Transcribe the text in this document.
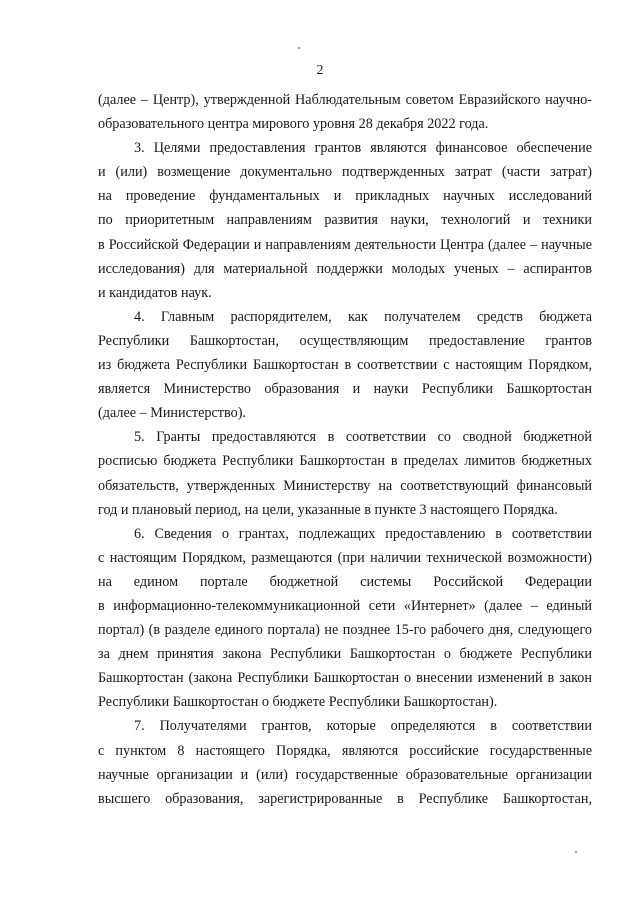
2
(далее – Центр), утвержденной Наблюдательным советом Евразийского научно-
образовательного центра мирового уровня 28 декабря 2022 года.
3. Целями предоставления грантов являются финансовое обеспечение
и (или) возмещение документально подтвержденных затрат (части затрат)
на проведение фундаментальных и прикладных научных исследований
по приоритетным направлениям развития науки, технологий и техники
в Российской Федерации и направлениям деятельности Центра (далее – научные
исследования) для материальной поддержки молодых ученых – аспирантов
и кандидатов наук.
4. Главным распорядителем, как получателем средств бюджета
Республики Башкортостан, осуществляющим предоставление грантов
из бюджета Республики Башкортостан в соответствии с настоящим Порядком,
является Министерство образования и науки Республики Башкортостан
(далее – Министерство).
5. Гранты предоставляются в соответствии со сводной бюджетной
росписью бюджета Республики Башкортостан в пределах лимитов бюджетных
обязательств, утвержденных Министерству на соответствующий финансовый
год и плановый период, на цели, указанные в пункте 3 настоящего Порядка.
6. Сведения о грантах, подлежащих предоставлению в соответствии
с настоящим Порядком, размещаются (при наличии технической возможности)
на едином портале бюджетной системы Российской Федерации
в информационно-телекоммуникационной сети «Интернет» (далее – единый
портал) (в разделе единого портала) не позднее 15-го рабочего дня, следующего
за днем принятия закона Республики Башкортостан о бюджете Республики
Башкортостан (закона Республики Башкортостан о внесении изменений в закон
Республики Башкортостан о бюджете Республики Башкортостан).
7. Получателями грантов, которые определяются в соответствии
с пунктом 8 настоящего Порядка, являются российские государственные
научные организации и (или) государственные образовательные организации
высшего образования, зарегистрированные в Республике Башкортостан,
